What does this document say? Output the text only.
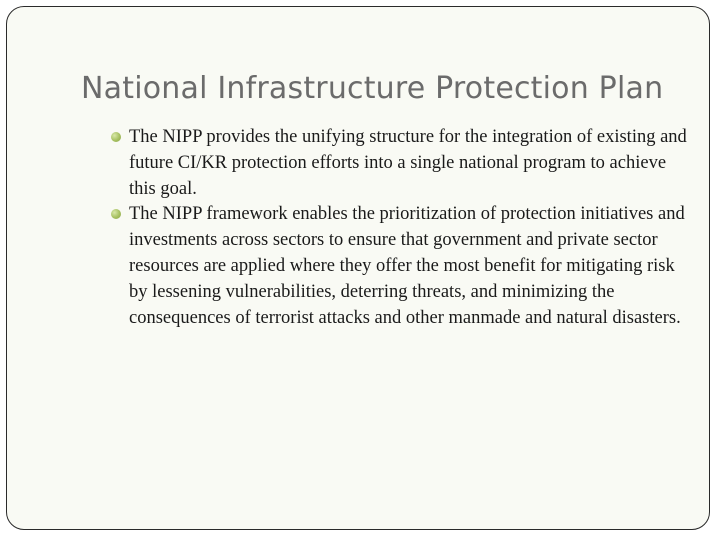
National Infrastructure Protection Plan
The NIPP provides the unifying structure for the integration of existing and future CI/KR protection efforts into a single national program to achieve this goal.
The NIPP framework enables the prioritization of protection initiatives and investments across sectors to ensure that government and private sector resources are applied where they offer the most benefit for mitigating risk by lessening vulnerabilities, deterring threats, and minimizing the consequences of terrorist attacks and other manmade and natural disasters.
